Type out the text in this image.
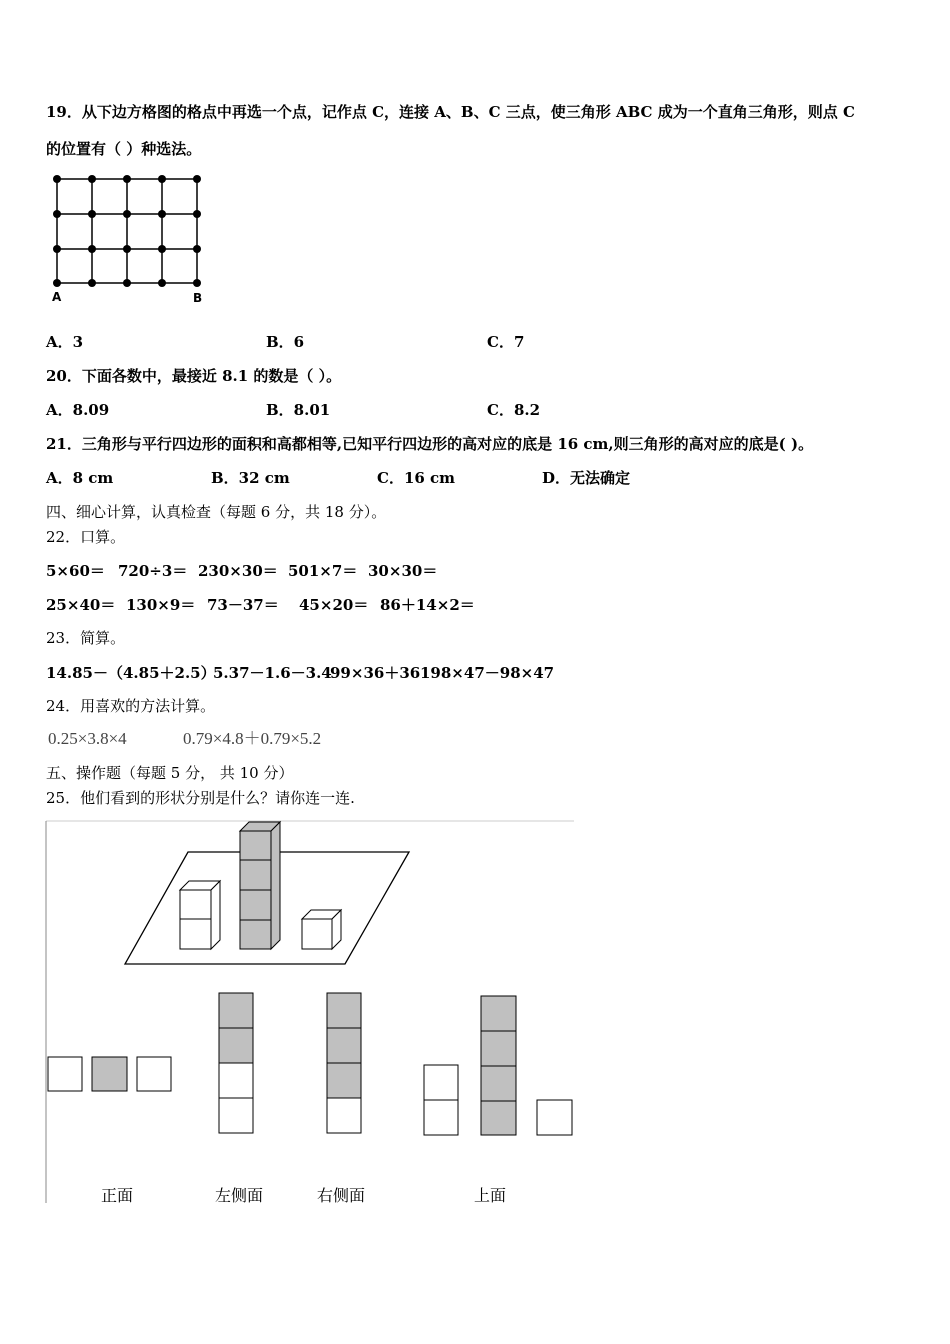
19．从下边方格图的格点中再选一个点，记作点 C，连接 A、B、C 三点，使三角形 ABC 成为一个直角三角形，则点 C
的位置有（ ）种选法。
A	B
A．3	B．6	C．7
20．下面各数中，最接近 8.1 的数是（ ）。
A．8.09	B．8.01	C．8.2
21．三角形与平行四边形的面积和高都相等,已知平行四边形的高对应的底是 16 cm,则三角形的高对应的底是( )。
A．8 cm	B．32 cm	C．16 cm	D．无法确定
四、细心计算，认真检查（每题 6 分，共 18 分）。
22．口算。
5×60＝ 720÷3＝ 230×30＝ 501×7＝ 30×30＝
25×40＝ 130×9＝ 73－37＝ 45×20＝ 86＋14×2＝
23．简算。
14.85－（4.85＋2.5）
5.37－1.6－3.4
99×36＋36 198×47－98×47
24．用喜欢的方法计算。
0.25×3.8×4	0.79×4.8＋0.79×5.2
五、操作题（每题 5 分， 共 10 分）
25．他们看到的形状分别是什么？请你连一连.
正面	左侧面	右侧面	上面
